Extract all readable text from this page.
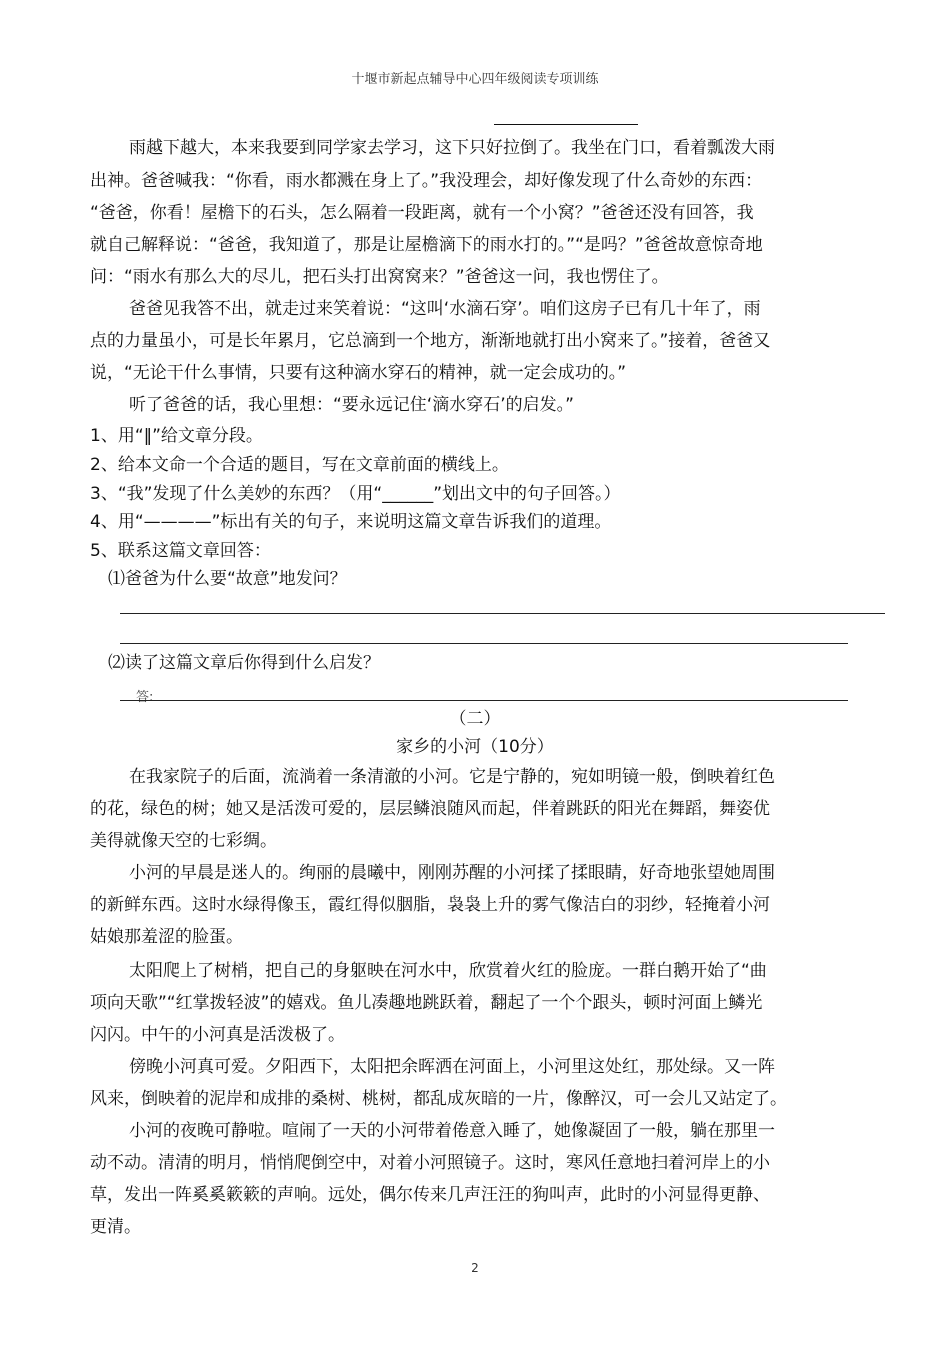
十堰市新起点辅导中心四年级阅读专项训练
雨越下越大，本来我要到同学家去学习，这下只好拉倒了。我坐在门口，看着瓢泼大雨
出神。爸爸喊我：“你看，雨水都溅在身上了。”我没理会，却好像发现了什么奇妙的东西：
“爸爸，你看！屋檐下的石头，怎么隔着一段距离，就有一个小窝？”爸爸还没有回答，我
就自己解释说：“爸爸，我知道了，那是让屋檐滴下的雨水打的。”“是吗？”爸爸故意惊奇地
问：“雨水有那么大的尽儿，把石头打出窝窝来？”爸爸这一问，我也愣住了。
爸爸见我答不出，就走过来笑着说：“这叫‘水滴石穿’。咱们这房子已有几十年了，雨
点的力量虽小，可是长年累月，它总滴到一个地方，渐渐地就打出小窝来了。”接着，爸爸又
说，“无论干什么事情，只要有这种滴水穿石的精神，就一定会成功的。”
听了爸爸的话，我心里想：“要永远记住‘滴水穿石’的启发。”
1、用“‖”给文章分段。
2、给本文命一个合适的题目，写在文章前面的横线上。
3、“我”发现了什么美妙的东西？（用“______”划出文中的句子回答。）
4、用“————”标出有关的句子，来说明这篇文章告诉我们的道理。
5、联系这篇文章回答：
⑴爸爸为什么要“故意”地发问？
⑵读了这篇文章后你得到什么启发？
答:
（二）
家乡的小河（10分）
在我家院子的后面，流淌着一条清澈的小河。它是宁静的，宛如明镜一般，倒映着红色
的花，绿色的树；她又是活泼可爱的，层层鳞浪随风而起，伴着跳跃的阳光在舞蹈，舞姿优
美得就像天空的七彩绸。
小河的早晨是迷人的。绚丽的晨曦中，刚刚苏醒的小河揉了揉眼睛，好奇地张望她周围
的新鲜东西。这时水绿得像玉，霞红得似胭脂，袅袅上升的雾气像洁白的羽纱，轻掩着小河
姑娘那羞涩的脸蛋。
太阳爬上了树梢，把自己的身躯映在河水中，欣赏着火红的脸庞。一群白鹅开始了“曲
项向天歌”“红掌拨轻波”的嬉戏。鱼儿凑趣地跳跃着，翻起了一个个跟头，顿时河面上鳞光
闪闪。中午的小河真是活泼极了。
傍晚小河真可爱。夕阳西下，太阳把余晖洒在河面上，小河里这处红，那处绿。又一阵
风来，倒映着的泥岸和成排的桑树、桃树，都乱成灰暗的一片，像醉汉，可一会儿又站定了。
小河的夜晚可静啦。喧闹了一天的小河带着倦意入睡了，她像凝固了一般，躺在那里一
动不动。清清的明月，悄悄爬倒空中，对着小河照镜子。这时，寒风任意地扫着河岸上的小
草，发出一阵奚奚簌簌的声响。远处，偶尔传来几声汪汪的狗叫声，此时的小河显得更静、
更清。
2
